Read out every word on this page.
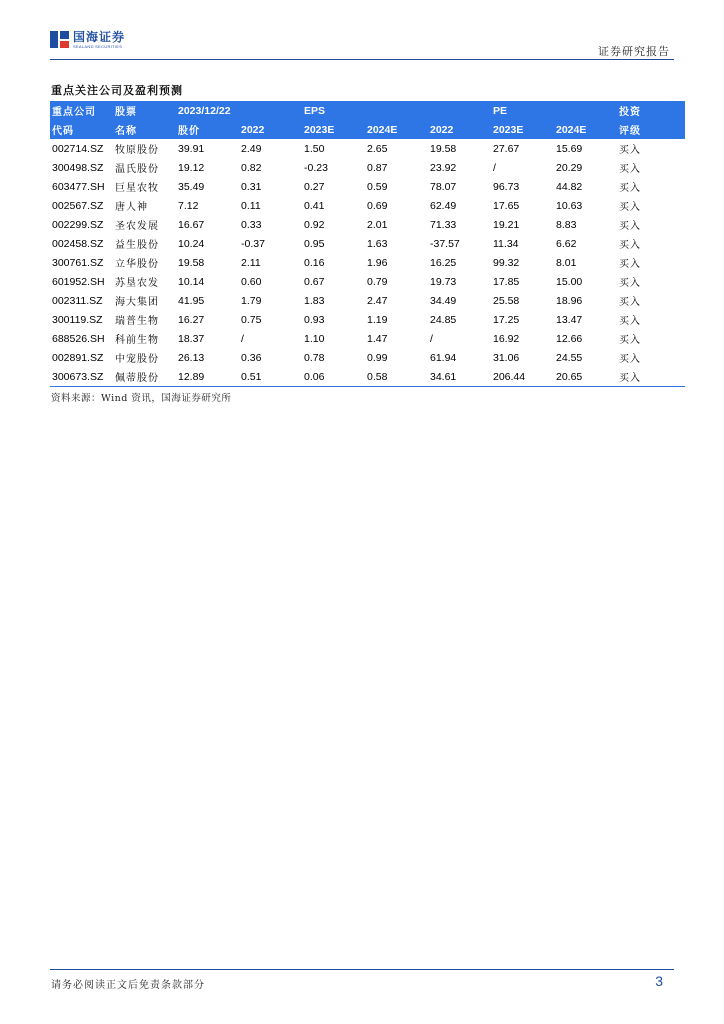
国海证券
SEALAND SECURITIES	证券研究报告
重点关注公司及盈利预测
重点公司	股票	2023/12/22		EPS			PE		投资
代码	名称	股价	2022	2023E	2024E	2022	2023E	2024E	评级
002714.SZ	牧原股份	39.91	2.49	1.50	2.65	19.58	27.67	15.69	买入
300498.SZ	温氏股份	19.12	0.82	-0.23	0.87	23.92	/	20.29	买入
603477.SH	巨星农牧	35.49	0.31	0.27	0.59	78.07	96.73	44.82	买入
002567.SZ	唐人神	7.12	0.11	0.41	0.69	62.49	17.65	10.63	买入
002299.SZ	圣农发展	16.67	0.33	0.92	2.01	71.33	19.21	8.83	买入
002458.SZ	益生股份	10.24	-0.37	0.95	1.63	-37.57	11.34	6.62	买入
300761.SZ	立华股份	19.58	2.11	0.16	1.96	16.25	99.32	8.01	买入
601952.SH	苏垦农发	10.14	0.60	0.67	0.79	19.73	17.85	15.00	买入
002311.SZ	海大集团	41.95	1.79	1.83	2.47	34.49	25.58	18.96	买入
300119.SZ	瑞普生物	16.27	0.75	0.93	1.19	24.85	17.25	13.47	买入
688526.SH	科前生物	18.37	/	1.10	1.47	/	16.92	12.66	买入
002891.SZ	中宠股份	26.13	0.36	0.78	0.99	61.94	31.06	24.55	买入
300673.SZ	佩蒂股份	12.89	0.51	0.06	0.58	34.61	206.44	20.65	买入
资料来源：Wind 资讯，国海证券研究所
请务必阅读正文后免责条款部分	3
